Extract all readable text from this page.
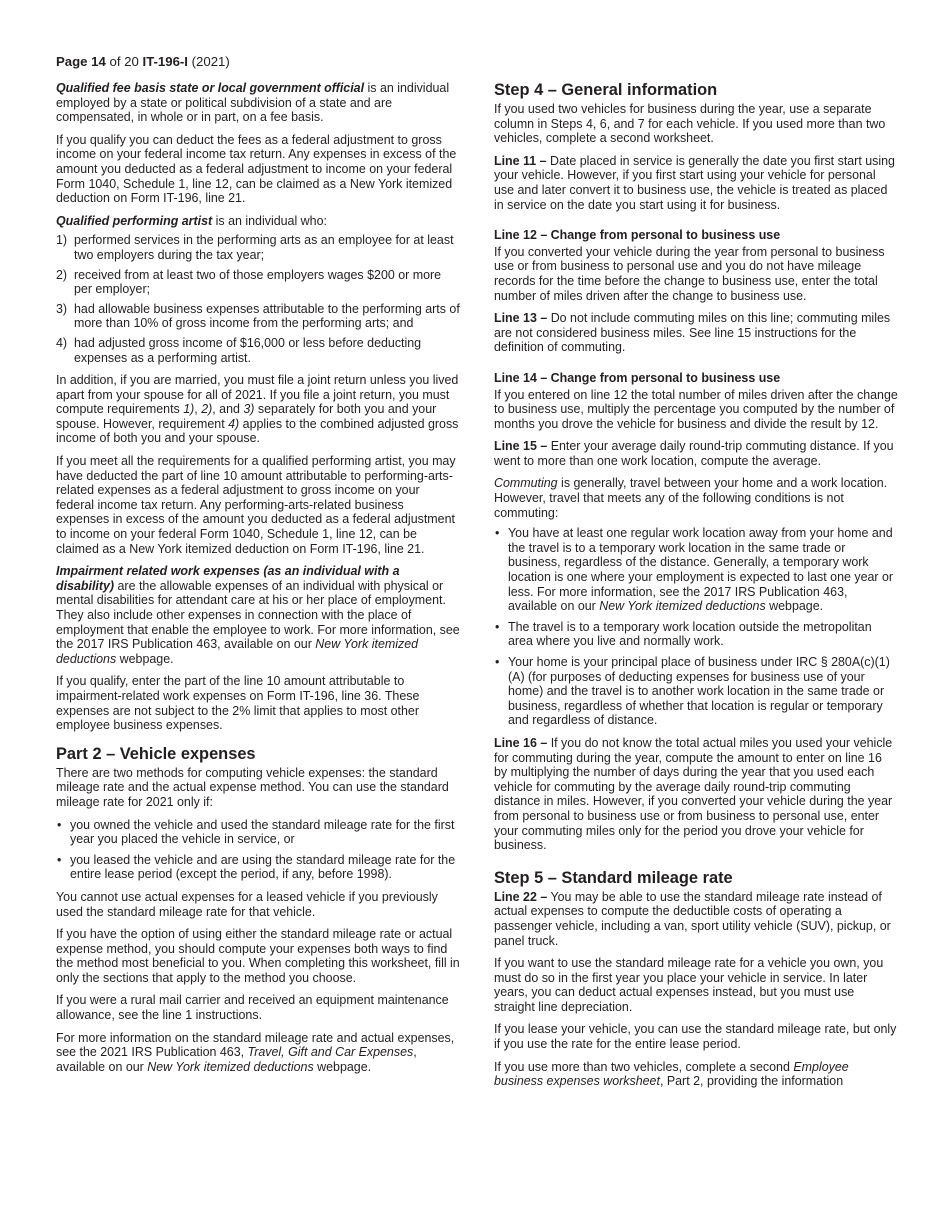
Page 14 of 20 IT-196-I (2021)

Qualified fee basis state or local government official is an individual employed by a state or political subdivision of a state and are compensated, in whole or in part, on a fee basis.

If you qualify you can deduct the fees as a federal adjustment to gross income on your federal income tax return. Any expenses in excess of the amount you deducted as a federal adjustment to income on your federal Form 1040, Schedule 1, line 12, can be claimed as a New York itemized deduction on Form IT-196, line 21.

Qualified performing artist is an individual who:

1) performed services in the performing arts as an employee for at least two employers during the tax year;
2) received from at least two of those employers wages $200 or more per employer;
3) had allowable business expenses attributable to the performing arts of more than 10% of gross income from the performing arts; and
4) had adjusted gross income of $16,000 or less before deducting expenses as a performing artist.

In addition, if you are married, you must file a joint return unless you lived apart from your spouse for all of 2021. If you file a joint return, you must compute requirements 1), 2), and 3) separately for both you and your spouse. However, requirement 4) applies to the combined adjusted gross income of both you and your spouse.

If you meet all the requirements for a qualified performing artist, you may have deducted the part of line 10 amount attributable to performing-arts-related expenses as a federal adjustment to gross income on your federal income tax return. Any performing-arts-related business expenses in excess of the amount you deducted as a federal adjustment to income on your federal Form 1040, Schedule 1, line 12, can be claimed as a New York itemized deduction on Form IT-196, line 21.

Impairment related work expenses (as an individual with a disability) are the allowable expenses of an individual with physical or mental disabilities for attendant care at his or her place of employment. They also include other expenses in connection with the place of employment that enable the employee to work. For more information, see the 2017 IRS Publication 463, available on our New York itemized deductions webpage.

If you qualify, enter the part of the line 10 amount attributable to impairment-related work expenses on Form IT-196, line 36. These expenses are not subject to the 2% limit that applies to most other employee business expenses.

Part 2 – Vehicle expenses

There are two methods for computing vehicle expenses: the standard mileage rate and the actual expense method. You can use the standard mileage rate for 2021 only if:

• you owned the vehicle and used the standard mileage rate for the first year you placed the vehicle in service, or
• you leased the vehicle and are using the standard mileage rate for the entire lease period (except the period, if any, before 1998).

You cannot use actual expenses for a leased vehicle if you previously used the standard mileage rate for that vehicle.

If you have the option of using either the standard mileage rate or actual expense method, you should compute your expenses both ways to find the method most beneficial to you. When completing this worksheet, fill in only the sections that apply to the method you choose.

If you were a rural mail carrier and received an equipment maintenance allowance, see the line 1 instructions.

For more information on the standard mileage rate and actual expenses, see the 2021 IRS Publication 463, Travel, Gift and Car Expenses, available on our New York itemized deductions webpage.

Step 4 – General information

If you used two vehicles for business during the year, use a separate column in Steps 4, 6, and 7 for each vehicle. If you used more than two vehicles, complete a second worksheet.

Line 11 – Date placed in service is generally the date you first start using your vehicle. However, if you first start using your vehicle for personal use and later convert it to business use, the vehicle is treated as placed in service on the date you start using it for business.

Line 12 – Change from personal to business use

If you converted your vehicle during the year from personal to business use or from business to personal use and you do not have mileage records for the time before the change to business use, enter the total number of miles driven after the change to business use.

Line 13 – Do not include commuting miles on this line; commuting miles are not considered business miles. See line 15 instructions for the definition of commuting.

Line 14 – Change from personal to business use

If you entered on line 12 the total number of miles driven after the change to business use, multiply the percentage you computed by the number of months you drove the vehicle for business and divide the result by 12.

Line 15 – Enter your average daily round-trip commuting distance. If you went to more than one work location, compute the average.

Commuting is generally, travel between your home and a work location. However, travel that meets any of the following conditions is not commuting:

• You have at least one regular work location away from your home and the travel is to a temporary work location in the same trade or business, regardless of the distance. Generally, a temporary work location is one where your employment is expected to last one year or less. For more information, see the 2017 IRS Publication 463, available on our New York itemized deductions webpage.
• The travel is to a temporary work location outside the metropolitan area where you live and normally work.
• Your home is your principal place of business under IRC § 280A(c)(1)(A) (for purposes of deducting expenses for business use of your home) and the travel is to another work location in the same trade or business, regardless of whether that location is regular or temporary and regardless of distance.

Line 16 – If you do not know the total actual miles you used your vehicle for commuting during the year, compute the amount to enter on line 16 by multiplying the number of days during the year that you used each vehicle for commuting by the average daily round-trip commuting distance in miles. However, if you converted your vehicle during the year from personal to business use or from business to personal use, enter your commuting miles only for the period you drove your vehicle for business.

Step 5 – Standard mileage rate

Line 22 – You may be able to use the standard mileage rate instead of actual expenses to compute the deductible costs of operating a passenger vehicle, including a van, sport utility vehicle (SUV), pickup, or panel truck.

If you want to use the standard mileage rate for a vehicle you own, you must do so in the first year you place your vehicle in service. In later years, you can deduct actual expenses instead, but you must use straight line depreciation.

If you lease your vehicle, you can use the standard mileage rate, but only if you use the rate for the entire lease period.

If you use more than two vehicles, complete a second Employee business expenses worksheet, Part 2, providing the information
